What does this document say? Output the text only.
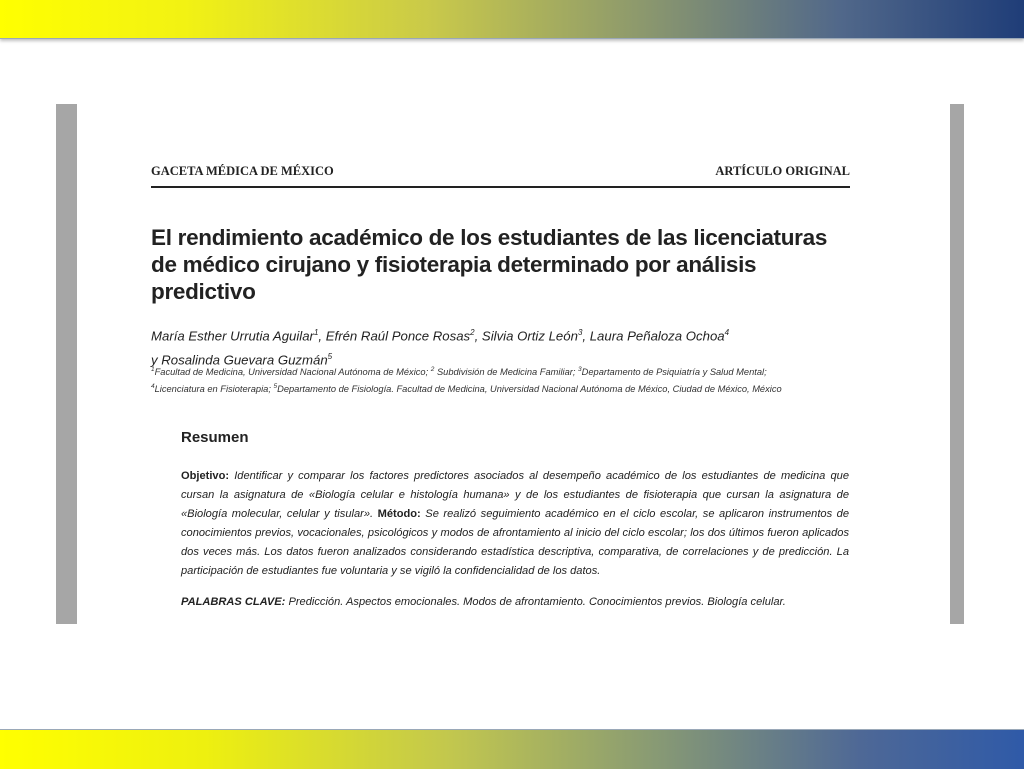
GACETA MÉDICA DE MÉXICO	ARTÍCULO ORIGINAL
El rendimiento académico de los estudiantes de las licenciaturas de médico cirujano y fisioterapia determinado por análisis predictivo
María Esther Urrutia Aguilar$^1$, Efrén Raúl Ponce Rosas$^2$, Silvia Ortiz León$^3$, Laura Peñaloza Ochoa$^4$
y Rosalinda Guevara Guzmán$^5$
$^1$Facultad de Medicina, Universidad Nacional Autónoma de México; $^2$ Subdivisión de Medicina Familiar; $^3$Departamento de Psiquiatría y Salud Mental;
$^4$Licenciatura en Fisioterapia; $^5$Departamento de Fisiología. Facultad de Medicina, Universidad Nacional Autónoma de México, Ciudad de México, México
Resumen
Objetivo: Identificar y comparar los factores predictores asociados al desempeño académico de los estudiantes de medicina que cursan la asignatura de «Biología celular e histología humana» y de los estudiantes de fisioterapia que cursan la asignatura de «Biología molecular, celular y tisular». Método: Se realizó seguimiento académico en el ciclo escolar, se aplicaron instrumentos de conocimientos previos, vocacionales, psicológicos y modos de afrontamiento al inicio del ciclo escolar; los dos últimos fueron aplicados dos veces más. Los datos fueron analizados considerando estadística descriptiva, comparativa, de correlaciones y de predicción. La participación de estudiantes fue voluntaria y se vigiló la confidencialidad de los datos.
PALABRAS CLAVE: Predicción. Aspectos emocionales. Modos de afrontamiento. Conocimientos previos. Biología celular.
